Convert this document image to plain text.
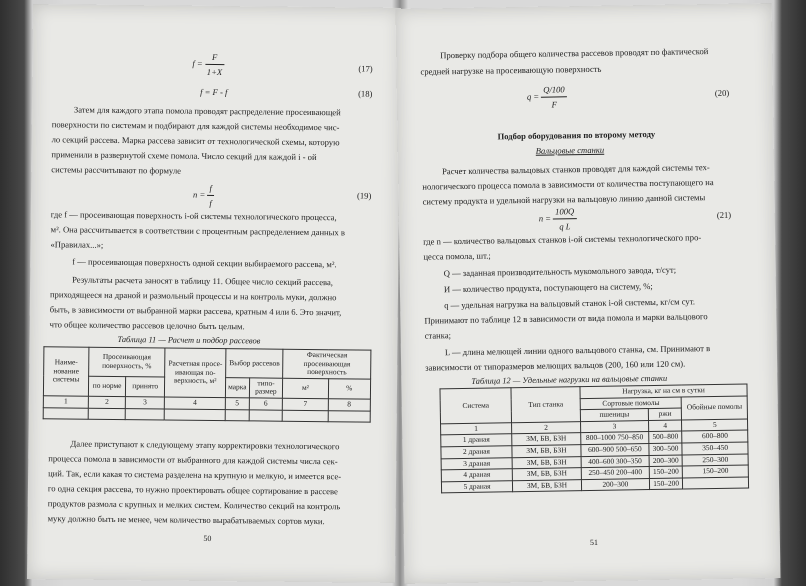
$f = \frac{F}{1+X}$	(17)
f = F - f	(18)
Затем для каждого этапа помола проводят распределение просеивающей
поверхности по системам и подбирают для каждой системы необходимое чис-
ло секций рассева. Марка рассева зависит от технологической схемы, которую
применили в развернутой схеме помола. Число секций для каждой i - ой
системы рассчитывают по формуле
$n = \frac{f}{f}$	(19)
где f — просеивающая поверхность i-ой системы технологического процесса,
м². Она рассчитывается в соответствии с процентным распределением данных в
«Правилах...»;
f — просеивающая поверхность одной секции выбираемого рассева, м².
Результаты расчета заносят в таблицу 11. Общее число секций рассева,
приходящееся на драной и размольный процессы и на контроль муки, должно
быть, в зависимости от выбранной марки рассева, кратным 4 или 6. Это значит,
что общее количество рассевов целочно быть целым.
Таблица 11 — Расчет и подбор рассевов
Наиме-нование системы	Просеивающая поверхность, %		Расчетная просе-ивающая по-верхность, м²	Выбор рассевов		Фактическая просеивающая поверхность	
	по норме	принято		марка	типо-размер	м²	%
1	2	3	4	5	6	7	8

Далее приступают к следующему этапу корректировки технологического
процесса помола в зависимости от выбранного для каждой системы числа сек-
ций. Так, если какая то система разделена на крупную и мелкую, и имеется все-
го одна секция рассева, то нужно проектировать общее сортирование в рассеве
продуктов размола с крупных и мелких систем. Количество секций на контроль
муку должно быть не менее, чем количество вырабатываемых сортов муки.
50
Проверку подбора общего количества рассевов проводят по фактической
средней нагрузке на просеивающую поверхность
$q = \frac{Q/100}{F}$	(20)
Подбор оборудования по второму методу
Вальцовые станки
Расчет количества вальцовых станков проводят для каждой системы тех-
нологического процесса помола в зависимости от количества поступающего на
систему продукта и удельной нагрузки на вальцовую линию данной системы
$n = \frac{100Q}{\text{q L}}$	(21)
где n — количество вальцовых станков i-ой системы технологического про-
цесса помола, шт.;
Q — заданная производительность мукомольного завода, т/сут;
И — количество продукта, поступающего на систему, %;
q — удельная нагрузка на вальцовый станок i-ой системы, кг/см сут.
Принимают по таблице 12 в зависимости от вида помола и марки вальцового
станка;
L — длина мелющей линии одного вальцового станка, см. Принимают в
зависимости от типоразмеров мелющих вальцов (200, 160 или 120 см).
Таблица 12 — Удельные нагрузки на вальцовые станки
Система	Тип станка	Нагрузка, кг на см в сутки		
		Сортовые помолы		Обойные помолы
		пшеницы	ржи	
1	2	3	4	5
1 драная	ЗМ, БВ, БЗН	800–1000 750–850	500–800	600–800
2 драная	ЗМ, БВ, БЗН	600–900 500–650	300–500	350–450
3 драная	ЗМ, БВ, БЗН	400–600 300–350	200–300	250–300
4 драная	ЗМ, БВ, БЗН	250–450 200–400	150–200	150–200
5 драная	ЗМ, БВ, БЗН	200–300	150–200	
51
